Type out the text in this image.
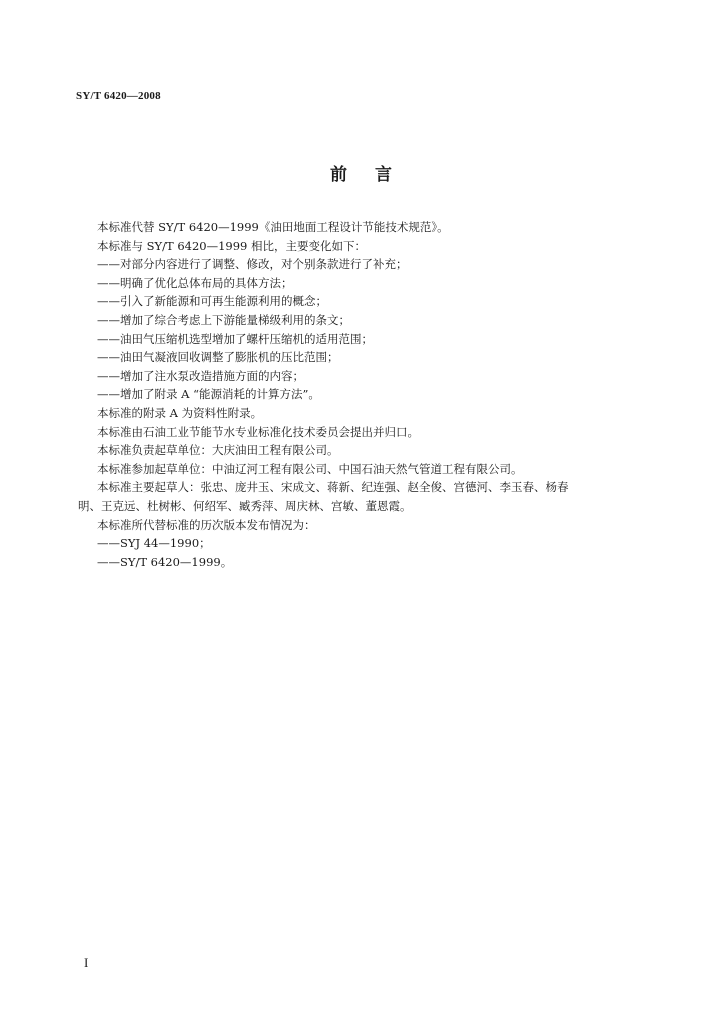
SY/T 6420—2008
前言

本标准代替 SY/T 6420—1999《油田地面工程设计节能技术规范》。

本标准与 SY/T 6420—1999 相比，主要变化如下：

——对部分内容进行了调整、修改，对个别条款进行了补充；

——明确了优化总体布局的具体方法；

——引入了新能源和可再生能源利用的概念；

——增加了综合考虑上下游能量梯级利用的条文；

——油田气压缩机选型增加了螺杆压缩机的适用范围；

——油田气凝液回收调整了膨胀机的压比范围；

——增加了注水泵改造措施方面的内容；

——增加了附录 A “能源消耗的计算方法”。

本标准的附录 A 为资料性附录。

本标准由石油工业节能节水专业标准化技术委员会提出并归口。

本标准负责起草单位：大庆油田工程有限公司。

本标准参加起草单位：中油辽河工程有限公司、中国石油天然气管道工程有限公司。

本标准主要起草人：张忠、庞井玉、宋成文、蒋新、纪连强、赵全俊、宫德河、李玉春、杨春

明、王克远、杜树彬、何绍军、臧秀萍、周庆林、宫敏、董恩霞。

本标准所代替标准的历次版本发布情况为：

——SYJ 44—1990；

——SY/T 6420—1999。

I
